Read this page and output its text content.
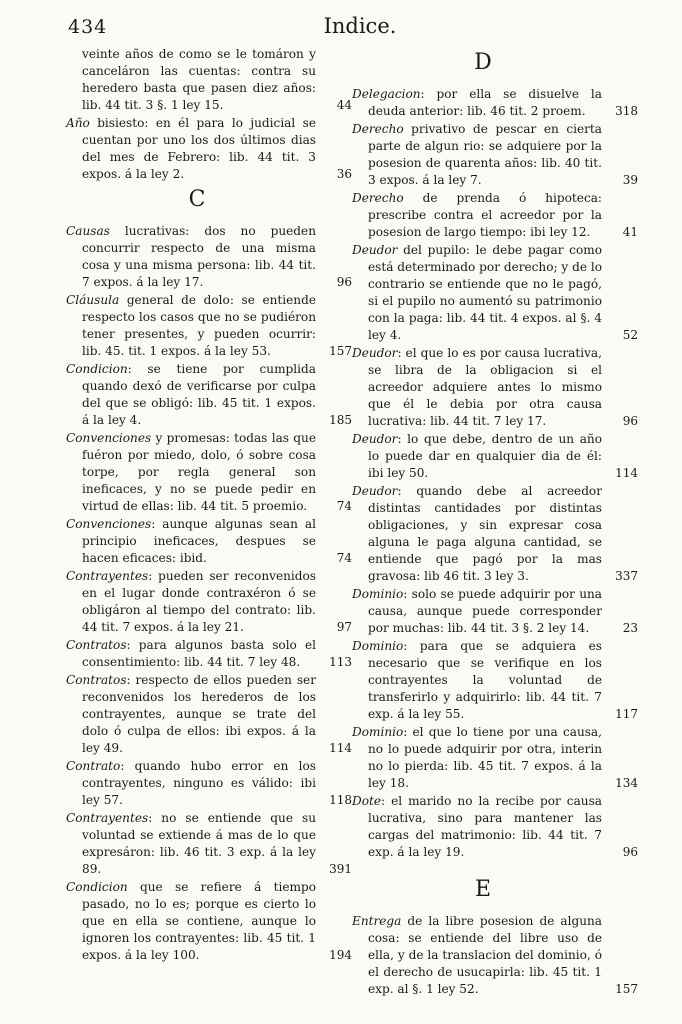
434	Indice.

veinte años de como se le tomáron y canceláron las cuentas: contra su heredero basta que pasen diez años: lib. 44 tit. 3 §. 1 ley 15.	44

Año bisiesto: en él para lo judicial se cuentan por uno los dos últimos dias del mes de Febrero: lib. 44 tit. 3 expos. á la ley 2.	36

C

Causas lucrativas: dos no pueden concurrir respecto de una misma cosa y una misma persona: lib. 44 tit. 7 expos. á la ley 17.	96

Cláusula general de dolo: se entiende respecto los casos que no se pudiéron tener presentes, y pueden ocurrir: lib. 45. tit. 1 expos. á la ley 53.	157

Condicion: se tiene por cumplida quando dexó de verificarse por culpa del que se obligó: lib. 45 tit. 1 expos. á la ley 4.	185

Convenciones y promesas: todas las que fuéron por miedo, dolo, ó sobre cosa torpe, por regla general son ineficaces, y no se puede pedir en virtud de ellas: lib. 44 tit. 5 proemio. 74

Convenciones: aunque algunas sean al principio ineficaces, despues se hacen eficaces: ibid.	74

Contrayentes: pueden ser reconvenidos en el lugar donde contraxéron ó se obligáron al tiempo del contrato: lib. 44 tit. 7 expos. á la ley 21.	97

Contratos: para algunos basta solo el consentimiento: lib. 44 tit. 7 ley 48. 113

Contratos: respecto de ellos pueden ser reconvenidos los herederos de los contrayentes, aunque se trate del dolo ó culpa de ellos: ibi expos. á la ley 49.	114

Contrato: quando hubo error en los contrayentes, ninguno es válido: ibi ley 57.	118

Contrayentes: no se entiende que su voluntad se extiende á mas de lo que expresáron: lib. 46 tit. 3 exp. á la ley 89.	391

Condicion que se refiere á tiempo pasado, no lo es; porque es cierto lo que en ella se contiene, aunque lo ignoren los contrayentes: lib. 45 tit. 1 expos. á la ley 100.	194

D

Delegacion: por ella se disuelve la deuda anterior: lib. 46 tit. 2 proem. 318

Derecho privativo de pescar en cierta parte de algun rio: se adquiere por la posesion de quarenta años: lib. 40 tit. 3 expos. á la ley 7.	39

Derecho de prenda ó hipoteca: prescribe contra el acreedor por la posesion de largo tiempo: ibi ley 12.	41

Deudor del pupilo: le debe pagar como está determinado por derecho; y de lo contrario se entiende que no le pagó, si el pupilo no aumentó su patrimonio con la paga: lib. 44 tit. 4 expos. al §. 4 ley 4.	52

Deudor: el que lo es por causa lucrativa, se libra de la obligacion si el acreedor adquiere antes lo mismo que él le debia por otra causa lucrativa: lib. 44 tit. 7 ley 17.	96

Deudor: lo que debe, dentro de un año lo puede dar en qualquier dia de él: ibi ley 50.	114

Deudor: quando debe al acreedor distintas cantidades por distintas obligaciones, y sin expresar cosa alguna le paga alguna cantidad, se entiende que pagó por la mas gravosa: lib 46 tit. 3 ley 3.	337

Dominio: solo se puede adquirir por una causa, aunque puede corresponder por muchas: lib. 44 tit. 3 §. 2 ley 14.	23

Dominio: para que se adquiera es necesario que se verifique en los contrayentes la voluntad de transferirlo y adquirirlo: lib. 44 tit. 7 exp. á la ley 55.	117

Dominio: el que lo tiene por una causa, no lo puede adquirir por otra, interin no lo pierda: lib. 45 tit. 7 expos. á la ley 18.	134

Dote: el marido no la recibe por causa lucrativa, sino para mantener las cargas del matrimonio: lib. 44 tit. 7 exp. á la ley 19.	96

E

Entrega de la libre posesion de alguna cosa: se entiende del libre uso de ella, y de la translacion del dominio, ó el derecho de usucapirla: lib. 45 tit. 1 exp. al §. 1 ley 52.	157
